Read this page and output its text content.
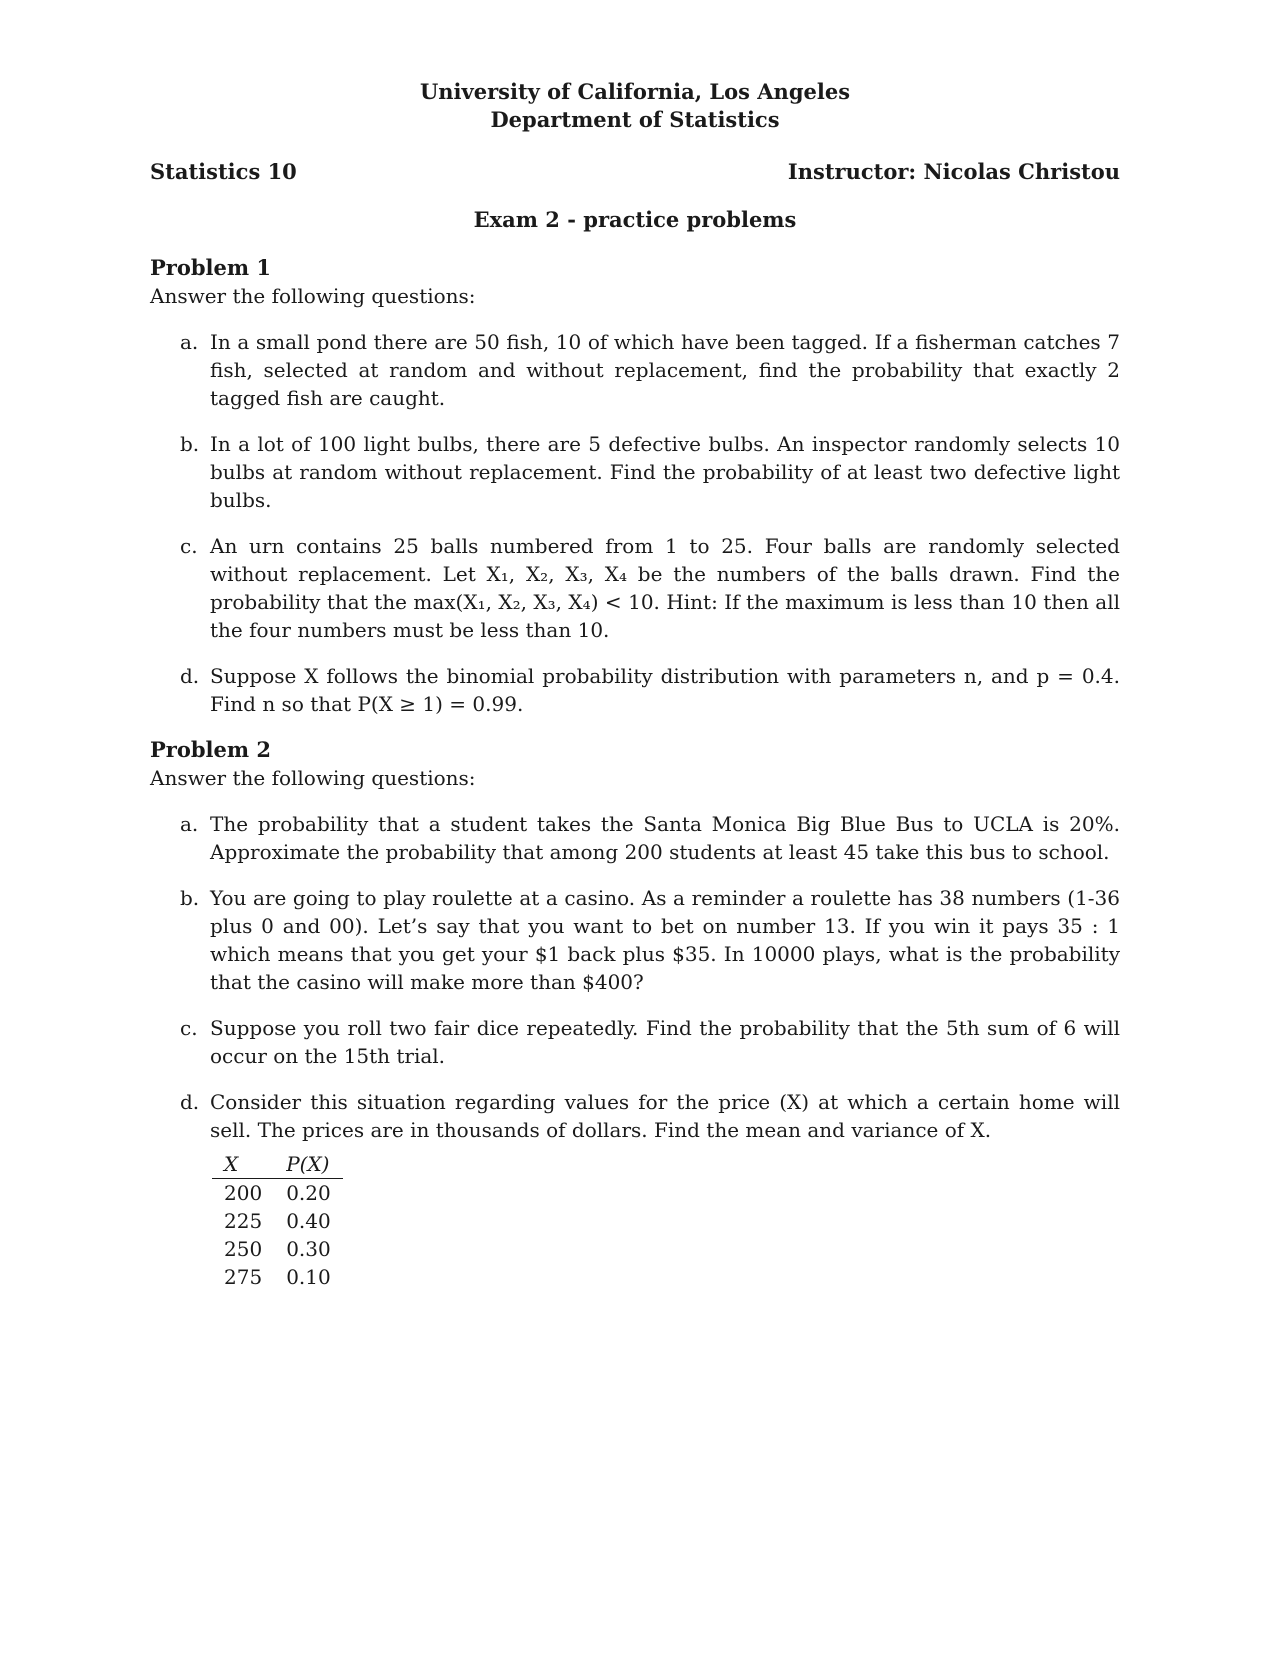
University of California, Los Angeles
Department of Statistics
Statistics 10	Instructor: Nicolas Christou
Exam 2 - practice problems
Problem 1
Answer the following questions:
a. In a small pond there are 50 fish, 10 of which have been tagged. If a fisherman catches 7 fish, selected at random and without replacement, find the probability that exactly 2 tagged fish are caught.
b. In a lot of 100 light bulbs, there are 5 defective bulbs. An inspector randomly selects 10 bulbs at random without replacement. Find the probability of at least two defective light bulbs.
c. An urn contains 25 balls numbered from 1 to 25. Four balls are randomly selected without replacement. Let X₁, X₂, X₃, X₄ be the numbers of the balls drawn. Find the probability that the max(X₁, X₂, X₃, X₄) < 10. Hint: If the maximum is less than 10 then all the four numbers must be less than 10.
d. Suppose X follows the binomial probability distribution with parameters n, and p = 0.4. Find n so that P(X ≥ 1) = 0.99.
Problem 2
Answer the following questions:
a. The probability that a student takes the Santa Monica Big Blue Bus to UCLA is 20%. Approximate the probability that among 200 students at least 45 take this bus to school.
b. You are going to play roulette at a casino. As a reminder a roulette has 38 numbers (1-36 plus 0 and 00). Let’s say that you want to bet on number 13. If you win it pays 35 : 1 which means that you get your $1 back plus $35. In 10000 plays, what is the probability that the casino will make more than $400?
c. Suppose you roll two fair dice repeatedly. Find the probability that the 5th sum of 6 will occur on the 15th trial.
d. Consider this situation regarding values for the price (X) at which a certain home will sell. The prices are in thousands of dollars. Find the mean and variance of X.
X	P(X)
200	0.20
225	0.40
250	0.30
275	0.10
